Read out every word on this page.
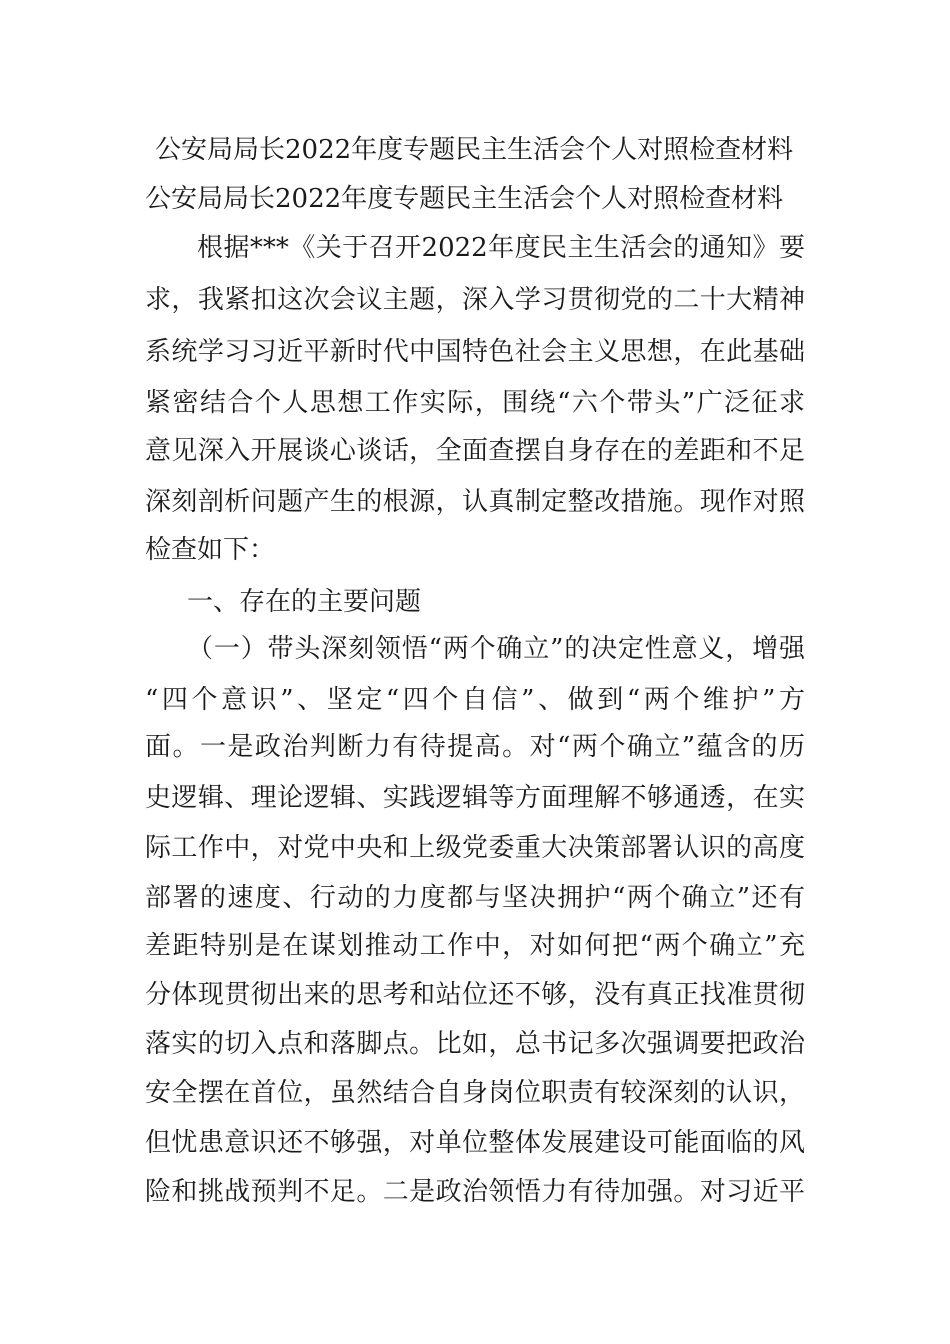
公安局局长2022年度专题民主生活会个人对照检查材料
公安局局长2022年度专题民主生活会个人对照检查材料
根据***《关于召开2022年度民主生活会的通知》要
求，我紧扣这次会议主题，深入学习贯彻党的二十大精神
系统学习习近平新时代中国特色社会主义思想，在此基础
紧密结合个人思想工作实际，围绕“六个带头”广泛征求
意见深入开展谈心谈话，全面查摆自身存在的差距和不足
深刻剖析问题产生的根源，认真制定整改措施。现作对照
检查如下：
一、存在的主要问题
（一）带头深刻领悟“两个确立”的决定性意义，增强
“四个意识”、坚定“四个自信”、做到“两个维护”方
面。一是政治判断力有待提高。对“两个确立”蕴含的历
史逻辑、理论逻辑、实践逻辑等方面理解不够通透，在实
际工作中，对党中央和上级党委重大决策部署认识的高度
部署的速度、行动的力度都与坚决拥护“两个确立”还有
差距特别是在谋划推动工作中，对如何把“两个确立”充
分体现贯彻出来的思考和站位还不够，没有真正找准贯彻
落实的切入点和落脚点。比如，总书记多次强调要把政治
安全摆在首位，虽然结合自身岗位职责有较深刻的认识，
但忧患意识还不够强，对单位整体发展建设可能面临的风
险和挑战预判不足。二是政治领悟力有待加强。对习近平
